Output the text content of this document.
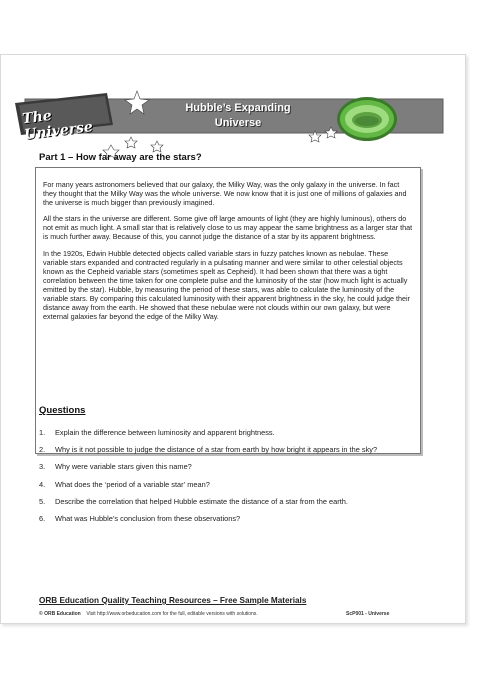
The Universe
Hubble’s Expanding
Universe
Part 1 – How far away are the stars?

For many years astronomers believed that our galaxy, the Milky Way, was the only galaxy in the universe. In fact they thought that the Milky Way was the whole universe. We now know that it is just one of millions of galaxies and the universe is much bigger than previously imagined.

All the stars in the universe are different. Some give off large amounts of light (they are highly luminous), others do not emit as much light. A small star that is relatively close to us may appear the same brightness as a larger star that is much further away. Because of this, you cannot judge the distance of a star by its apparent brightness.

In the 1920s, Edwin Hubble detected objects called variable stars in fuzzy patches known as nebulae. These variable stars expanded and contracted regularly in a pulsating manner and were similar to other celestial objects known as the Cepheid variable stars (sometimes spelt as Cepheid). It had been shown that there was a tight correlation between the time taken for one complete pulse and the luminosity of the star (how much light is actually emitted by the star). Hubble, by measuring the period of these stars, was able to calculate the luminosity of the variable stars. By comparing this calculated luminosity with their apparent brightness in the sky, he could judge their distance away from the earth. He showed that these nebulae were not clouds within our own galaxy, but were external galaxies far beyond the edge of the Milky Way.

Questions
1. Explain the difference between luminosity and apparent brightness.
2. Why is it not possible to judge the distance of a star from earth by how bright it appears in the sky?
3. Why were variable stars given this name?
4. What does the ‘period of a variable star’ mean?
5. Describe the correlation that helped Hubble estimate the distance of a star from the earth.
6. What was Hubble’s conclusion from these observations?
ORB Education Quality Teaching Resources – Free Sample Materials
© ORB Education Visit http://www.orbeducation.com for the full, editable versions with solutions.	ScP001 - Universe
